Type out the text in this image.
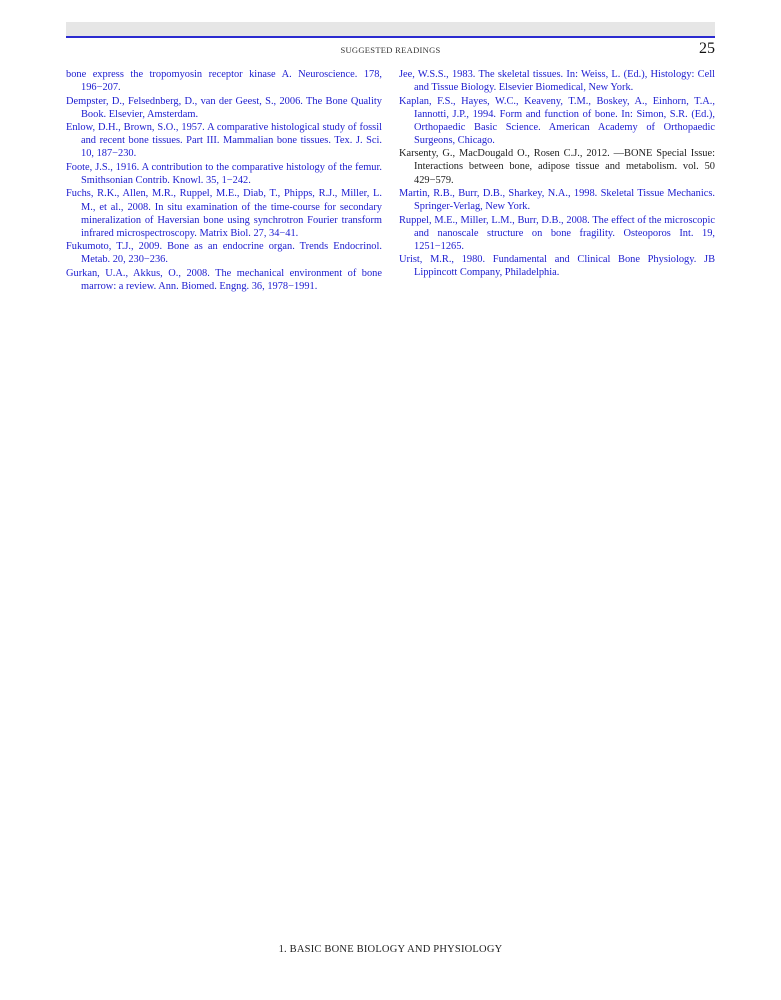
SUGGESTED READINGS	25

bone express the tropomyosin receptor kinase A. Neuroscience. 178, 196−207.

Dempster, D., Felsednberg, D., van der Geest, S., 2006. The Bone Quality Book. Elsevier, Amsterdam.

Enlow, D.H., Brown, S.O., 1957. A comparative histological study of fossil and recent bone tissues. Part III. Mammalian bone tissues. Tex. J. Sci. 10, 187−230.

Foote, J.S., 1916. A contribution to the comparative histology of the femur. Smithsonian Contrib. Knowl. 35, 1−242.

Fuchs, R.K., Allen, M.R., Ruppel, M.E., Diab, T., Phipps, R.J., Miller, L. M., et al., 2008. In situ examination of the time-course for secondary mineralization of Haversian bone using synchrotron Fourier transform infrared microspectroscopy. Matrix Biol. 27, 34−41.

Fukumoto, T.J., 2009. Bone as an endocrine organ. Trends Endocrinol. Metab. 20, 230−236.

Gurkan, U.A., Akkus, O., 2008. The mechanical environment of bone marrow: a review. Ann. Biomed. Engng. 36, 1978−1991.

Jee, W.S.S., 1983. The skeletal tissues. In: Weiss, L. (Ed.), Histology: Cell and Tissue Biology. Elsevier Biomedical, New York.

Kaplan, F.S., Hayes, W.C., Keaveny, T.M., Boskey, A., Einhorn, T.A., Iannotti, J.P., 1994. Form and function of bone. In: Simon, S.R. (Ed.), Orthopaedic Basic Science. American Academy of Orthopaedic Surgeons, Chicago.

Karsenty, G., MacDougald O., Rosen C.J., 2012. —BONE Special Issue: Interactions between bone, adipose tissue and metabolism. vol. 50 429−579.

Martin, R.B., Burr, D.B., Sharkey, N.A., 1998. Skeletal Tissue Mechanics. Springer-Verlag, New York.

Ruppel, M.E., Miller, L.M., Burr, D.B., 2008. The effect of the microscopic and nanoscale structure on bone fragility. Osteoporos Int. 19, 1251−1265.

Urist, M.R., 1980. Fundamental and Clinical Bone Physiology. JB Lippincott Company, Philadelphia.

1. BASIC BONE BIOLOGY AND PHYSIOLOGY
